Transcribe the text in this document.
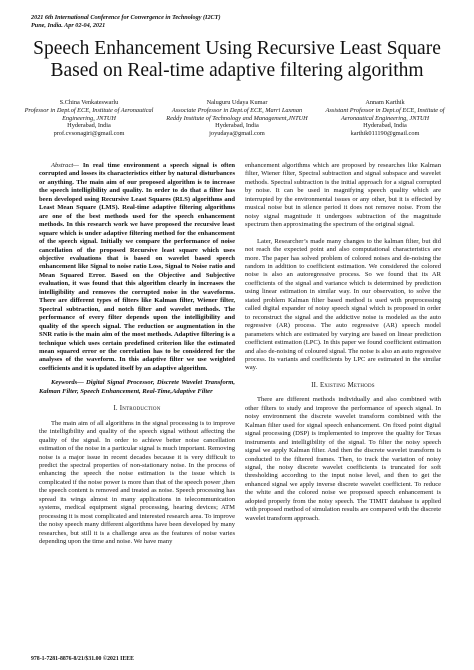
2021 6th International Conference for Convergence in Technology (I2CT)
Pune, India. Apr 02-04, 2021
Speech Enhancement Using Recursive Least Square
Based on Real-time adaptive filtering algorithm
S.China Venkateswarlu
Professor in Dept.of ECE, Institute of Aeronautical Engineering, JNTUH
Hyderabad, India
prof.cvsonagiri@gmail.com
Naluguru Udaya Kumar
Associate Professor in Dept.of ECE, Marri Laxman Reddy Institute of Technology and Management,JNTUH
Hyderabad, India
joyudaya@gmail.com
Annam Karthik
Assistant Professor in Dept.of ECE, Institute of Aeronautical Engineering, JNTUH
Hyderabad, India
karthik011190@gmail.com

Abstract— In real time environment a speech signal is often corrupted and losses its characteristics either by natural disturbances or anything. The main aim of our proposed algorithm is to increase the speech intelligibility and quality. In order to do that a filter has been developed using Recursive Least Squares (RLS) algorithms and Least Mean Square (LMS). Real-time adaptive filtering algorithms are one of the best methods used for the speech enhancement methods. In this research work we have proposed the recursive least square which is under adaptive filtering method for the enhancement of the speech signal. Initially we compare the performance of noise cancellation of the proposed Recursive least square which uses objective evaluations that is based on wavelet based speech enhancement like Signal to noise ratio Loss, Signal to Noise ratio and Mean Squared Error. Based on the Objective and Subjective evaluation, it was found that this algorithm clearly in increases the intelligibility and removes the corrupted noise in the waveforms. There are different types of filters like Kalman filter, Wiener filter, Spectral subtraction, and notch filter and wavelet methods. The performance of every filter depends upon the intelligibility and quality of the speech signal. The reduction or augmentation in the SNR ratio is the main aim of the most methods. Adaptive filtering is a technique which uses certain predefined criterion like the estimated mean squared error or the correlation has to be considered for the analyses of the waveform. In this adaptive filter we use weighted coefficients and it is updated itself by an adaptive algorithm.

Keywords— Digital Signal Processor, Discrete Wavelet Transform, Kalman Filter, Speech Enhancement, Real-Time,Adaptive Filter

I. Introduction

The main aim of all algorithms in the signal processing is to improve the intelligibility and quality of the speech signal without affecting the quality of the signal. In order to achieve better noise cancellation estimation of the noise in a particular signal is much important. Removing noise is a major issue in recent decades because it is very difficult to predict the spectral properties of non-stationary noise. In the process of enhancing the speech the noise estimation is the issue which is complicated if the noise power is more than that of the speech power ,then the speech content is removed and treated as noise. Speech processing has spread its wings almost in many applications in telecommunication systems, medical equipment signal processing, hearing devices; ATM processing it is most complicated and interested research area. To improve the noisy speech many different algorithms have been developed by many researches, but still it is a challenge area as the features of noise varies depending upon the time and noise. We have many

enhancement algorithms which are proposed by researches like Kalman filter, Wiener filter, Spectral subtraction and signal subspace and wavelet methods. Spectral subtraction is the initial approach for a signal corrupted by noise. It can be used in magnifying speech quality which are interrupted by the environmental issues or any other, but it is effected by musical noise but in silence period it does not remove noise. From the noisy signal magnitude it undergoes subtraction of the magnitude spectrum then approximating the spectrum of the original signal.

Later, Researcher’s made many changes to the kalman filter, but did not reach the expected point and also computational characteristics are more. The paper has solved problem of colored noises and de-noising the random in addition to coefficient estimation. We considered the colored noise is also an autoregressive process. So we found that its AR coefficients of the signal and variance which is determined by prediction using linear estimation in similar way. In our observation, to solve the stated problem Kalman filter based method is used with preprocessing called digital expander of noisy speech signal which is proposed in order to reconstruct the signal and the addictive noise is modeled as the auto regressive (AR) process. The auto regressive (AR) speech model parameters which are estimated by varying are based on linear prediction coefficient estimation (LPC). In this paper we found coefficient estimation and also de-noising of coloured signal. The noise is also an auto regressive process. Its variants and coefficients by LPC are estimated in the similar way.

II. Existing Methods

There are different methods individually and also combined with other filters to study and improve the performance of speech signal. In noisy environment the discrete wavelet transform combined with the Kalman filter used for signal speech enhancement. On fixed point digital signal processing (DSP) is implemented to improve the quality for Texas instruments and intelligibility of the signal. To filter the noisy speech signal we apply Kalman filter. And then the discrete wavelet transform is conducted to the filtered frames. Then, to track the variation of noisy signal, the noisy discrete wavelet coefficients is truncated for soft thresholding according to the input noise level, and then to get the enhanced signal we apply inverse discrete wavelet coefficient. To reduce the white and the colored noise we proposed speech enhancement is adopted properly from the noisy speech. The TIMIT database is applied with proposed method of simulation results are compared with the discrete wavelet transform approach.

978-1-7281-8876-8/21/$31.00 ©2021 IEEE
